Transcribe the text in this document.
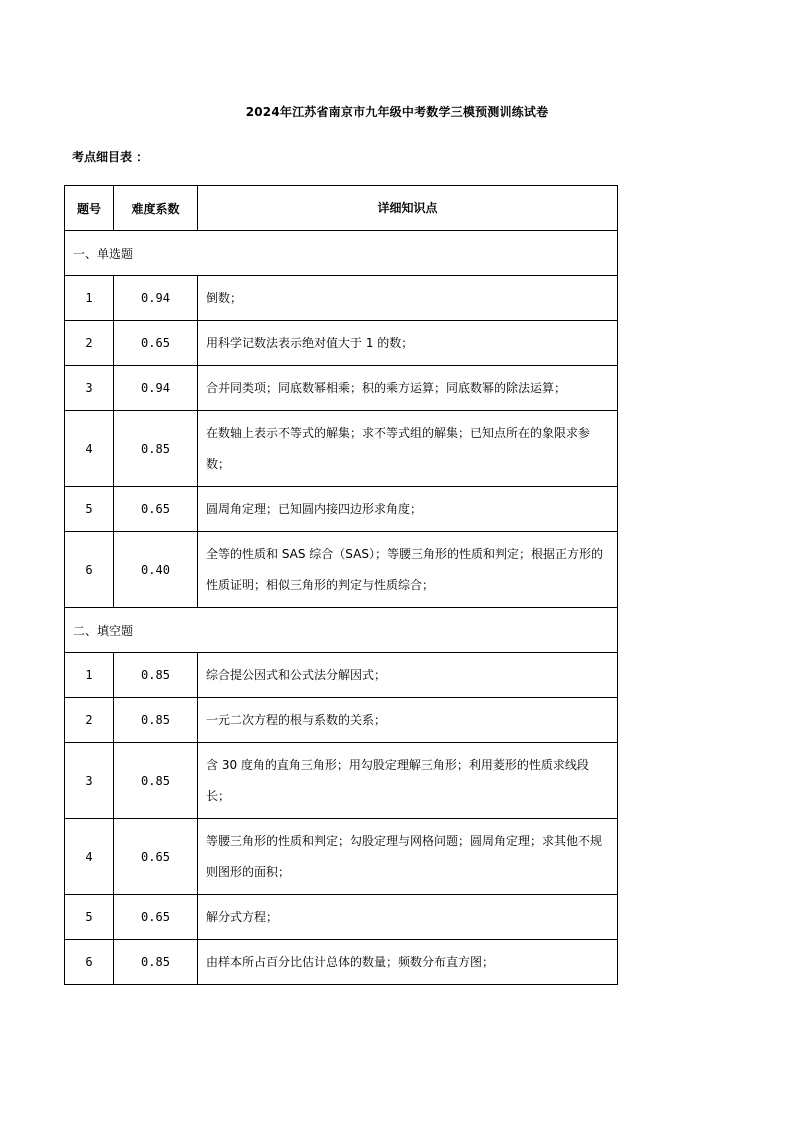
2024年江苏省南京市九年级中考数学三模预测训练试卷
考点细目表 ：
题号	难度系数	详细知识点
一、单选题		
1	0.94	倒数；
2	0.65	用科学记数法表示绝对值大于 1 的数；
3	0.94	合并同类项；同底数幂相乘；积的乘方运算；同底数幂的除法运算；
4	0.85	在数轴上表示不等式的解集；求不等式组的解集；已知点所在的象限求参数；
5	0.65	圆周角定理；已知圆内接四边形求角度；
6	0.40	全等的性质和 SAS 综合（SAS）；等腰三角形的性质和判定；根据正方形的性质证明；相似三角形的判定与性质综合；
二、填空题		
1	0.85	综合提公因式和公式法分解因式；
2	0.85	一元二次方程的根与系数的关系；
3	0.85	含 30 度角的直角三角形；用勾股定理解三角形；利用菱形的性质求线段长；
4	0.65	等腰三角形的性质和判定；勾股定理与网格问题；圆周角定理；求其他不规则图形的面积；
5	0.65	解分式方程；
6	0.85	由样本所占百分比估计总体的数量；频数分布直方图；
